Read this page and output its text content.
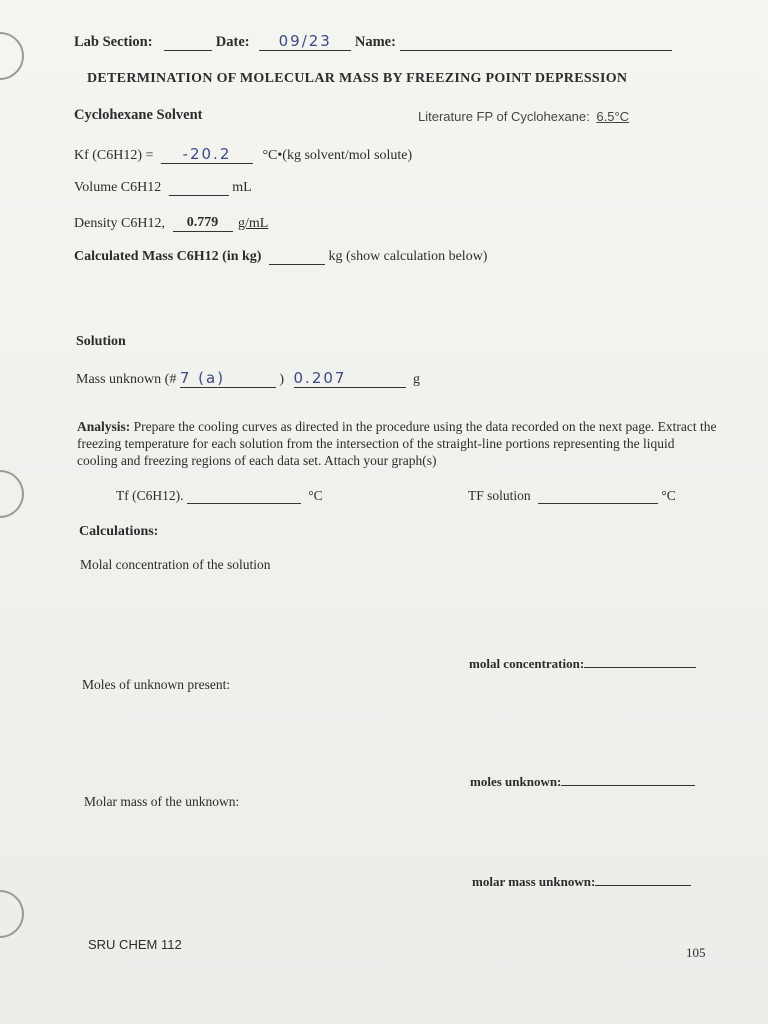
Lab Section:	Date: 09/23 Name:
DETERMINATION OF MOLECULAR MASS BY FREEZING POINT DEPRESSION
Cyclohexane Solvent	Literature FP of Cyclohexane: 6.5°C
Kf (C6H12) = -20.2 °C•(kg solvent/mol solute)
Volume C6H12	mL
Density C6H12, 0.779 g/mL
Calculated Mass C6H12 (in kg)	kg (show calculation below)
Solution
Mass unknown (# 7 (a)	) 0.207	g
Analysis: Prepare the cooling curves as directed in the procedure using the data recorded on the next page. Extract the freezing temperature for each solution from the intersection of the straight-line portions representing the liquid cooling and freezing regions of each data set. Attach your graph(s)
Tf (C6H12).	°C	TF solution	°C
Calculations:
Molal concentration of the solution
molal concentration:
Moles of unknown present:
moles unknown:
Molar mass of the unknown:
molar mass unknown:
SRU CHEM 112
105
